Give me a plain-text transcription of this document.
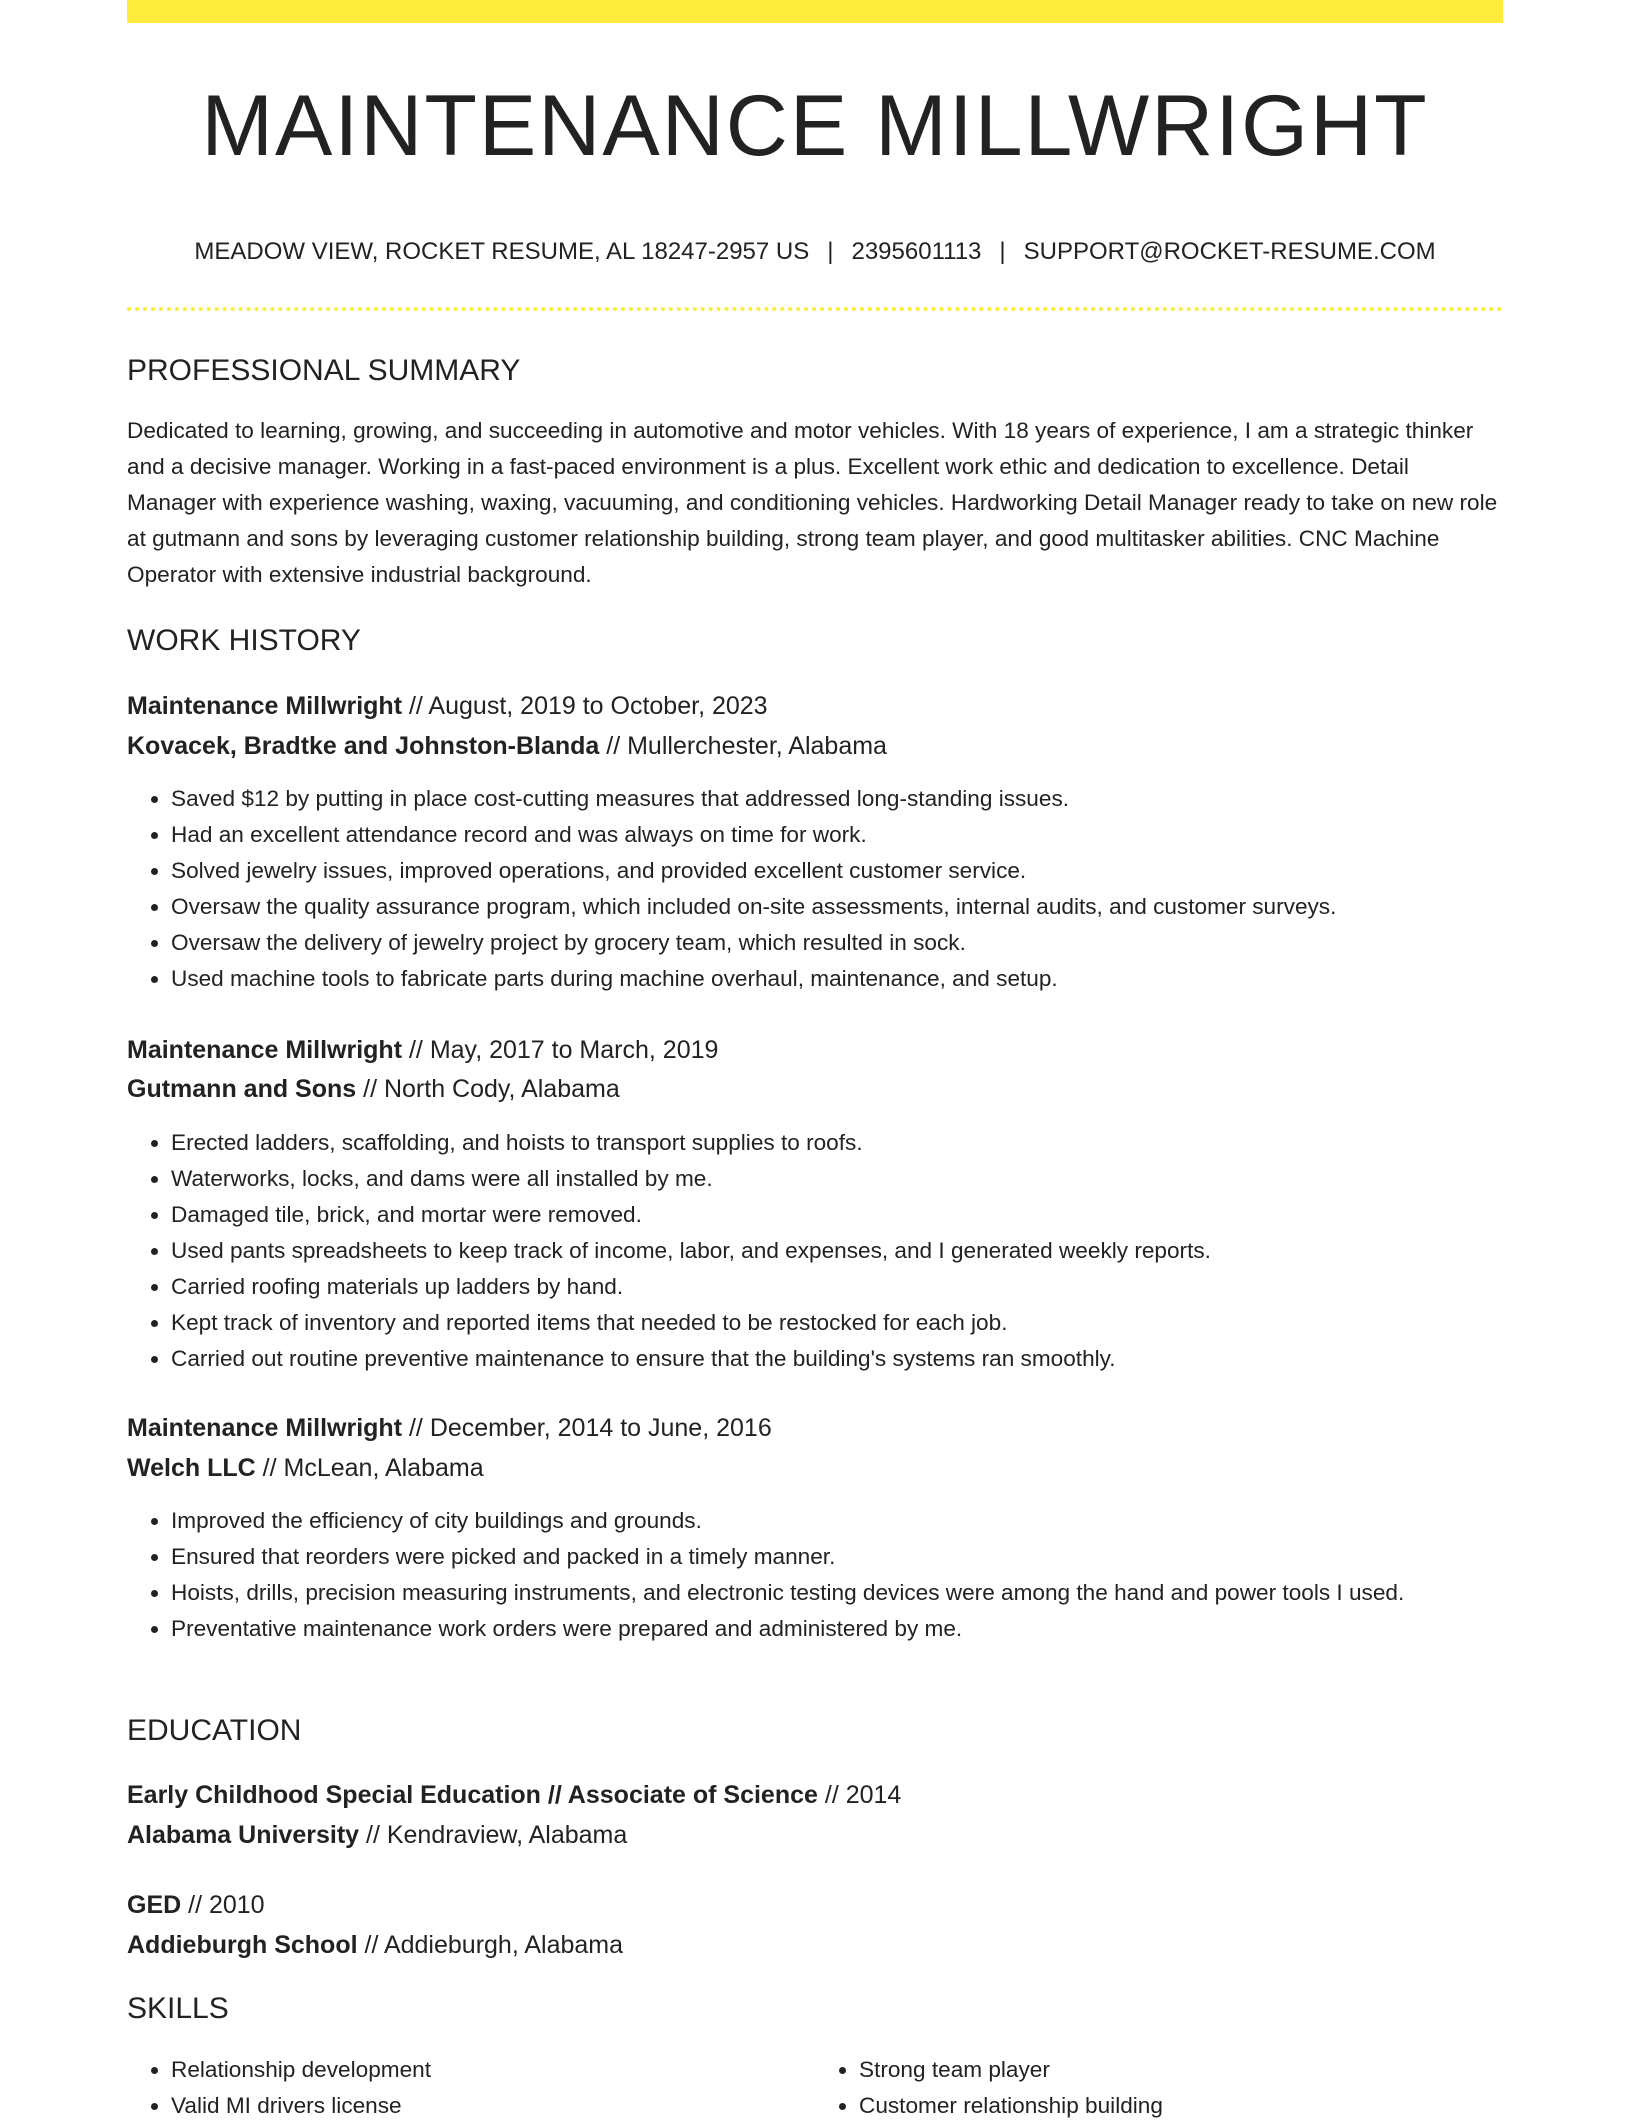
MAINTENANCE MILLWRIGHT
MEADOW VIEW, ROCKET RESUME, AL 18247-2957 US | 2395601113 | SUPPORT@ROCKET-RESUME.COM
PROFESSIONAL SUMMARY
Dedicated to learning, growing, and succeeding in automotive and motor vehicles. With 18 years of experience, I am a strategic thinker and a decisive manager. Working in a fast-paced environment is a plus. Excellent work ethic and dedication to excellence. Detail Manager with experience washing, waxing, vacuuming, and conditioning vehicles. Hardworking Detail Manager ready to take on new role at gutmann and sons by leveraging customer relationship building, strong team player, and good multitasker abilities. CNC Machine Operator with extensive industrial background.
WORK HISTORY
Maintenance Millwright // August, 2019 to October, 2023
Kovacek, Bradtke and Johnston-Blanda // Mullerchester, Alabama
• Saved $12 by putting in place cost-cutting measures that addressed long-standing issues.
• Had an excellent attendance record and was always on time for work.
• Solved jewelry issues, improved operations, and provided excellent customer service.
• Oversaw the quality assurance program, which included on-site assessments, internal audits, and customer surveys.
• Oversaw the delivery of jewelry project by grocery team, which resulted in sock.
• Used machine tools to fabricate parts during machine overhaul, maintenance, and setup.
Maintenance Millwright // May, 2017 to March, 2019
Gutmann and Sons // North Cody, Alabama
• Erected ladders, scaffolding, and hoists to transport supplies to roofs.
• Waterworks, locks, and dams were all installed by me.
• Damaged tile, brick, and mortar were removed.
• Used pants spreadsheets to keep track of income, labor, and expenses, and I generated weekly reports.
• Carried roofing materials up ladders by hand.
• Kept track of inventory and reported items that needed to be restocked for each job.
• Carried out routine preventive maintenance to ensure that the building's systems ran smoothly.
Maintenance Millwright // December, 2014 to June, 2016
Welch LLC // McLean, Alabama
• Improved the efficiency of city buildings and grounds.
• Ensured that reorders were picked and packed in a timely manner.
• Hoists, drills, precision measuring instruments, and electronic testing devices were among the hand and power tools I used.
• Preventative maintenance work orders were prepared and administered by me.
EDUCATION
Early Childhood Special Education // Associate of Science // 2014
Alabama University // Kendraview, Alabama
GED // 2010
Addieburgh School // Addieburgh, Alabama
SKILLS
• Relationship development
• Valid MI drivers license
• Strong team player
• Customer relationship building
